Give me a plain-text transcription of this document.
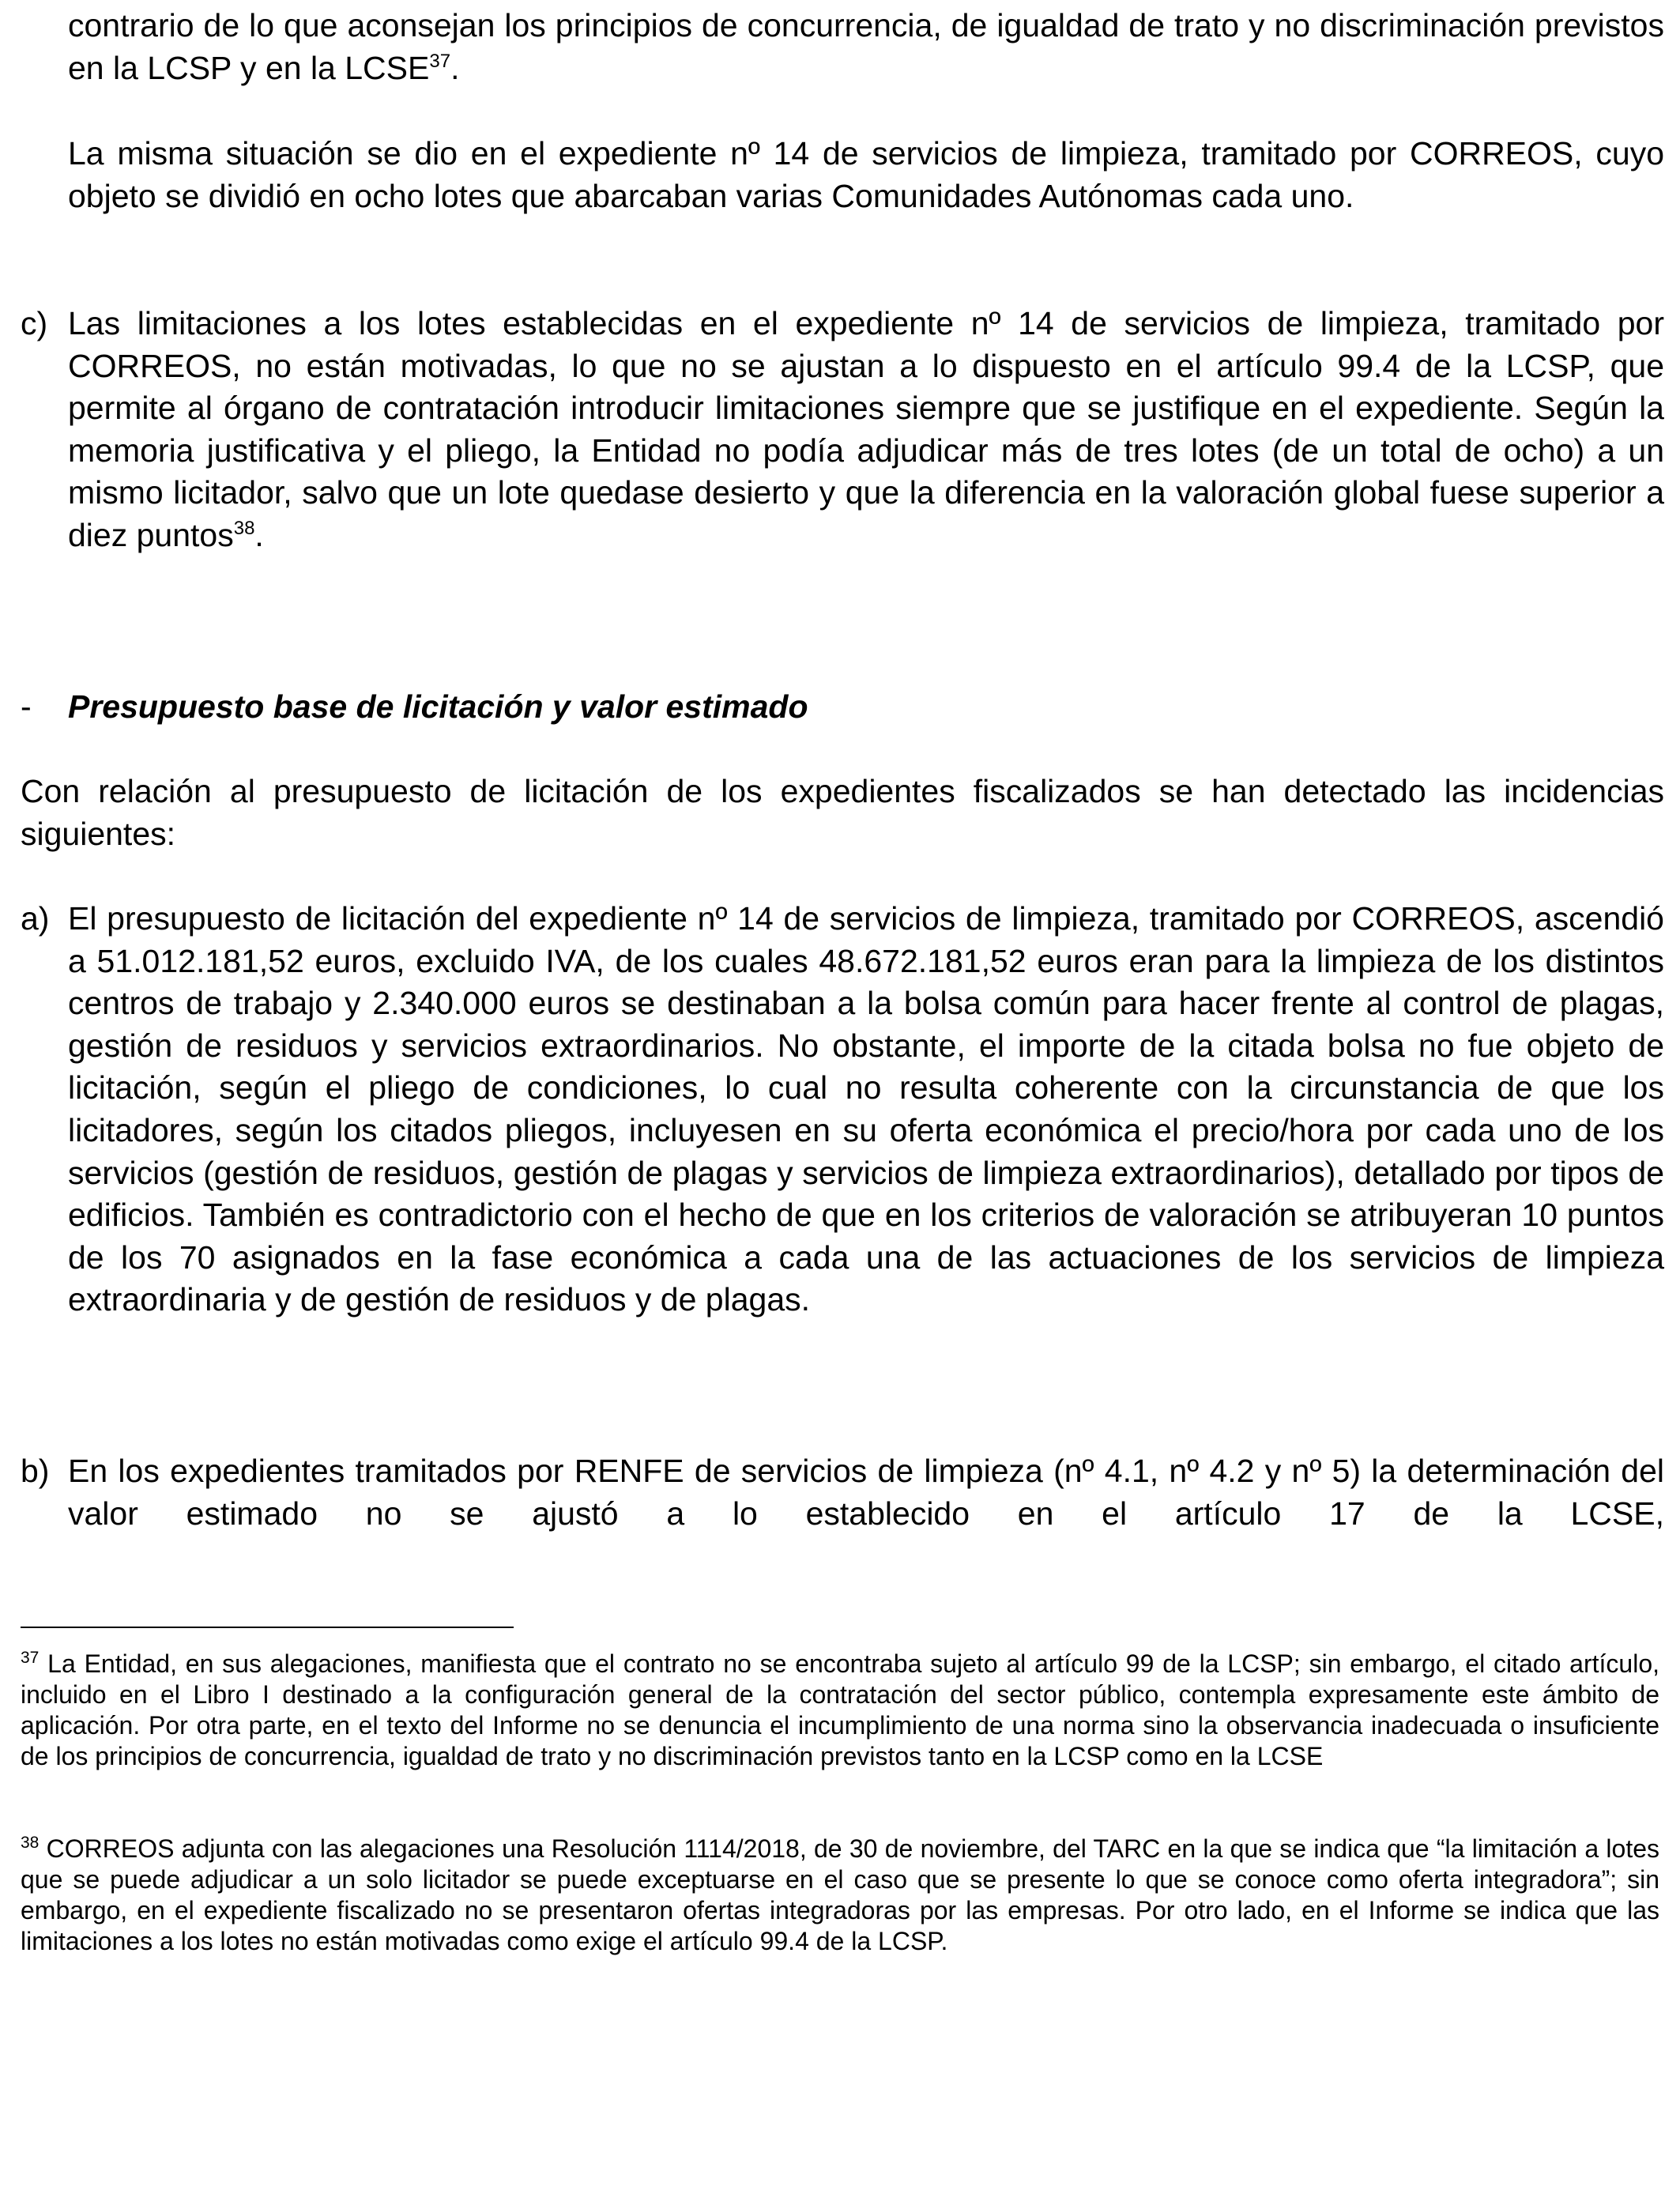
contrario de lo que aconsejan los principios de concurrencia, de igualdad de trato y no discriminación previstos en la LCSP y en la LCSE$^{37}$.

La misma situación se dio en el expediente nº 14 de servicios de limpieza, tramitado por CORREOS, cuyo objeto se dividió en ocho lotes que abarcaban varias Comunidades Autónomas cada uno.

c) Las limitaciones a los lotes establecidas en el expediente nº 14 de servicios de limpieza, tramitado por CORREOS, no están motivadas, lo que no se ajustan a lo dispuesto en el artículo 99.4 de la LCSP, que permite al órgano de contratación introducir limitaciones siempre que se justifique en el expediente. Según la memoria justificativa y el pliego, la Entidad no podía adjudicar más de tres lotes (de un total de ocho) a un mismo licitador, salvo que un lote quedase desierto y que la diferencia en la valoración global fuese superior a diez puntos$^{38}$.

- Presupuesto base de licitación y valor estimado

Con relación al presupuesto de licitación de los expedientes fiscalizados se han detectado las incidencias siguientes:

a) El presupuesto de licitación del expediente nº 14 de servicios de limpieza, tramitado por CORREOS, ascendió a 51.012.181,52 euros, excluido IVA, de los cuales 48.672.181,52 euros eran para la limpieza de los distintos centros de trabajo y 2.340.000 euros se destinaban a la bolsa común para hacer frente al control de plagas, gestión de residuos y servicios extraordinarios. No obstante, el importe de la citada bolsa no fue objeto de licitación, según el pliego de condiciones, lo cual no resulta coherente con la circunstancia de que los licitadores, según los citados pliegos, incluyesen en su oferta económica el precio/hora por cada uno de los servicios (gestión de residuos, gestión de plagas y servicios de limpieza extraordinarios), detallado por tipos de edificios. También es contradictorio con el hecho de que en los criterios de valoración se atribuyeran 10 puntos de los 70 asignados en la fase económica a cada una de las actuaciones de los servicios de limpieza extraordinaria y de gestión de residuos y de plagas.

b) En los expedientes tramitados por RENFE de servicios de limpieza (nº 4.1, nº 4.2 y nº 5) la determinación del valor estimado no se ajustó a lo establecido en el artículo 17 de la LCSE,

$^{37}$ La Entidad, en sus alegaciones, manifiesta que el contrato no se encontraba sujeto al artículo 99 de la LCSP; sin embargo, el citado artículo, incluido en el Libro I destinado a la configuración general de la contratación del sector público, contempla expresamente este ámbito de aplicación. Por otra parte, en el texto del Informe no se denuncia el incumplimiento de una norma sino la observancia inadecuada o insuficiente de los principios de concurrencia, igualdad de trato y no discriminación previstos tanto en la LCSP como en la LCSE

$^{38}$ CORREOS adjunta con las alegaciones una Resolución 1114/2018, de 30 de noviembre, del TARC en la que se indica que “la limitación a lotes que se puede adjudicar a un solo licitador se puede exceptuarse en el caso que se presente lo que se conoce como oferta integradora”; sin embargo, en el expediente fiscalizado no se presentaron ofertas integradoras por las empresas. Por otro lado, en el Informe se indica que las limitaciones a los lotes no están motivadas como exige el artículo 99.4 de la LCSP.
